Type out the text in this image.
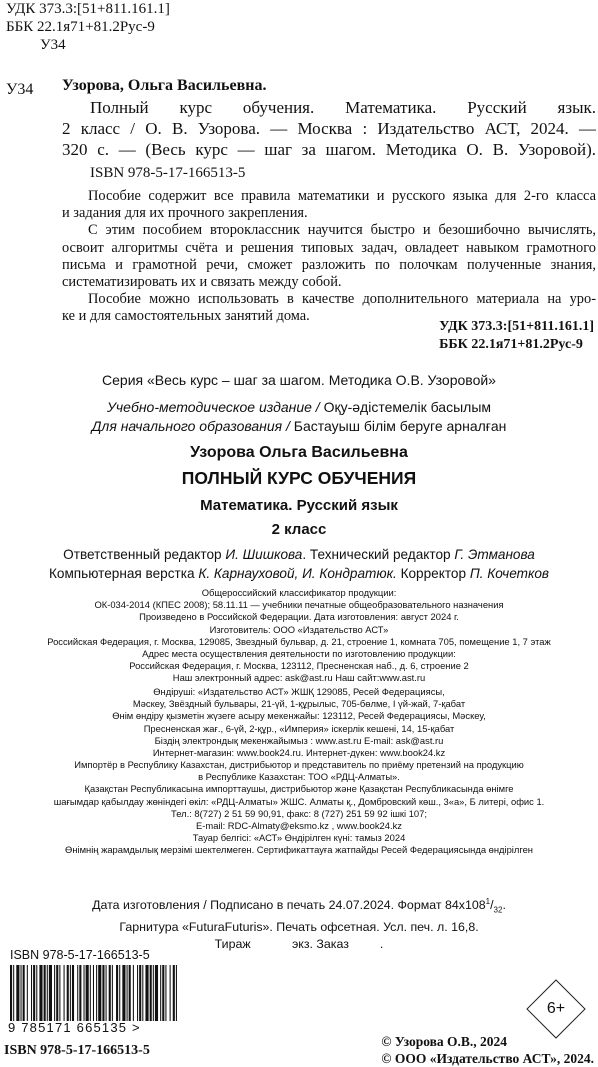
УДК 373.3:[51+811.161.1]
ББК 22.1я71+81.2Рус-9
У34
У34 Узорова, Ольга Васильевна.
Полный курс обучения. Математика. Русский язык.
2 класс / О. В. Узорова. — Москва : Издательство АСТ, 2024. —
320 с. — (Весь курс — шаг за шагом. Методика О. В. Узоровой).
ISBN 978-5-17-166513-5
Пособие содержит все правила математики и русского языка для 2-го класса
и задания для их прочного закрепления.
С этим пособием второклассник научится быстро и безошибочно вычислять,
освоит алгоритмы счёта и решения типовых задач, овладеет навыком грамотного
письма и грамотной речи, сможет разложить по полочкам полученные знания,
систематизировать их и связать между собой.
Пособие можно использовать в качестве дополнительного материала на уро-
ке и для самостоятельных занятий дома.
УДК 373.3:[51+811.161.1]
ББК 22.1я71+81.2Рус-9
Серия «Весь курс – шаг за шагом. Методика О.В. Узоровой»
Учебно-методическое издание / Оқу-әдістемелік басылым
Для начального образования / Бастауыш білім беруге арналған
Узорова Ольга Васильевна
ПОЛНЫЙ КУРС ОБУЧЕНИЯ
Математика. Русский язык
2 класс
Ответственный редактор И. Шишкова. Технический редактор Г. Этманова
Компьютерная верстка К. Карнауховой, И. Кондратюк. Корректор П. Кочетков
Общероссийский классификатор продукции:
ОК-034-2014 (КПЕС 2008); 58.11.11 — учебники печатные общеобразовательного назначения
Произведено в Российской Федерации. Дата изготовления: август 2024 г.
Изготовитель: ООО «Издательство АСТ»
Российская Федерация, г. Москва, 129085, Звездный бульвар, д. 21, строение 1, комната 705, помещение 1, 7 этаж
Адрес места осуществления деятельности по изготовлению продукции:
Российская Федерация, г. Москва, 123112, Пресненская наб., д. 6, строение 2
Наш электронный адрес: ask@ast.ru Наш сайт:www.ast.ru
Өндіруші: «Издательство АСТ» ЖШҚ 129085, Ресей Федерациясы,
Мәскеу, Звёздный бульвары, 21-үй, 1-құрылыс, 705-бөлме, I үй-жай, 7-қабат
Өнім өндіру қызметін жүзеге асыру мекенжайы: 123112, Ресей Федерациясы, Мәскеу,
Пресненская жағ., 6-үй, 2-құр., «Империя» іскерлік кешені, 14, 15-қабат
Біздің электрондық мекенжайымыз : www.ast.ru E-mail: ask@ast.ru
Интернет-магазин: www.book24.ru. Интернет-дүкен: www.book24.kz
Импортёр в Республику Казахстан, дистрибьютор и представитель по приёму претензий на продукцию
в Республике Казахстан: ТОО «РДЦ-Алматы».
Қазақстан Республикасына импорттаушы, дистрибьютор және Қазақстан Республикасында өнімге
шағымдар қабылдау жөніндегі өкіл: «РДЦ-Алматы» ЖШС. Алматы қ., Домбровский көш., 3«а», Б литері, офис 1.
Тел.: 8(727) 2 51 59 90,91, факс: 8 (727) 251 59 92 ішкі 107;
E-mail: RDC-Almaty@eksmo.kz , www.book24.kz
Тауар белгісі: «АСТ» Өндірілген күні: тамыз 2024
Өнімнің жарамдылық мерзімі шектелмеген. Сертификаттауға жатпайды Ресей Федерациясында өндірілген
Дата изготовления / Подписано в печать 24.07.2024. Формат $84x108^1/_{32}$.
Гарнитура «FuturaFuturis». Печать офсетная. Усл. печ. л. 16,8.
Тираж            экз. Заказ         .
ISBN 978-5-17-166513-5
9 785171 665135 >
ISBN 978-5-17-166513-5
6+
© Узорова О.В., 2024
© ООО «Издательство АСТ», 2024.
